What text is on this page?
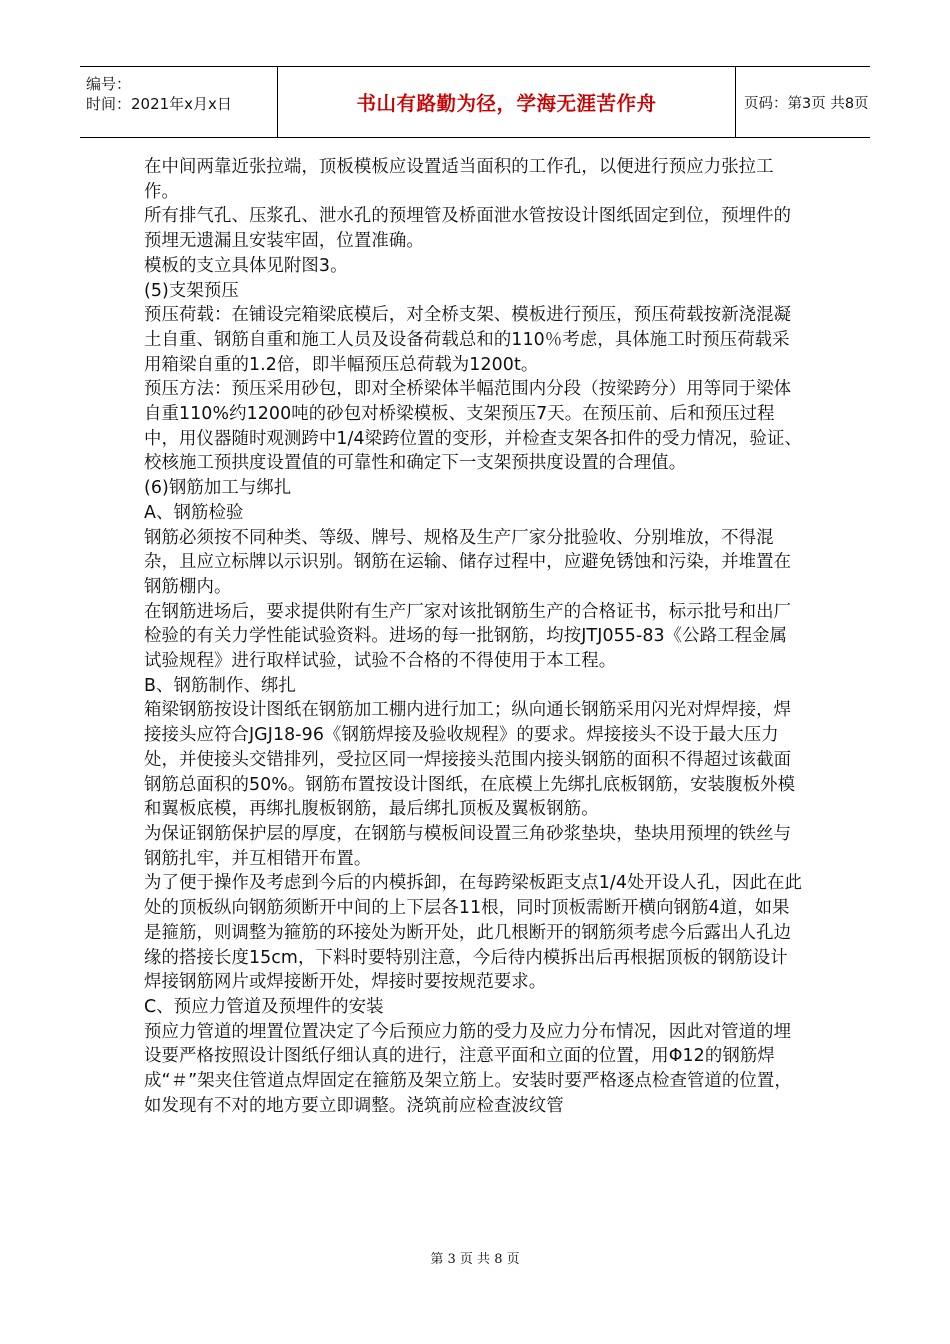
编号：
时间：2021年x月x日	书山有路勤为径，学海无涯苦作舟	页码：第3页 共8页

在中间两靠近张拉端，顶板模板应设置适当面积的工作孔，以便进行预应力张拉工作。

所有排气孔、压浆孔、泄水孔的预埋管及桥面泄水管按设计图纸固定到位，预埋件的预埋无遗漏且安装牢固，位置准确。

模板的支立具体见附图3。

(5)支架预压

预压荷载：在铺设完箱梁底模后，对全桥支架、模板进行预压，预压荷载按新浇混凝土自重、钢筋自重和施工人员及设备荷载总和的110％考虑，具体施工时预压荷载采用箱梁自重的1.2倍，即半幅预压总荷载为1200t。

预压方法：预压采用砂包，即对全桥梁体半幅范围内分段（按梁跨分）用等同于梁体自重110%约1200吨的砂包对桥梁模板、支架预压7天。在预压前、后和预压过程中，用仪器随时观测跨中1/4梁跨位置的变形，并检查支架各扣件的受力情况，验证、校核施工预拱度设置值的可靠性和确定下一支架预拱度设置的合理值。

(6)钢筋加工与绑扎

A、钢筋检验

钢筋必须按不同种类、等级、牌号、规格及生产厂家分批验收、分别堆放，不得混杂，且应立标牌以示识别。钢筋在运输、储存过程中，应避免锈蚀和污染，并堆置在钢筋棚内。

在钢筋进场后，要求提供附有生产厂家对该批钢筋生产的合格证书，标示批号和出厂检验的有关力学性能试验资料。进场的每一批钢筋，均按JTJ055-83《公路工程金属试验规程》进行取样试验，试验不合格的不得使用于本工程。

B、钢筋制作、绑扎

箱梁钢筋按设计图纸在钢筋加工棚内进行加工；纵向通长钢筋采用闪光对焊焊接，焊接接头应符合JGJ18-96《钢筋焊接及验收规程》的要求。焊接接头不设于最大压力处，并使接头交错排列，受拉区同一焊接接头范围内接头钢筋的面积不得超过该截面钢筋总面积的50%。钢筋布置按设计图纸，在底模上先绑扎底板钢筋，安装腹板外模和翼板底模，再绑扎腹板钢筋，最后绑扎顶板及翼板钢筋。

为保证钢筋保护层的厚度，在钢筋与模板间设置三角砂浆垫块，垫块用预埋的铁丝与钢筋扎牢，并互相错开布置。

为了便于操作及考虑到今后的内模拆卸，在每跨梁板距支点1/4处开设人孔，因此在此处的顶板纵向钢筋须断开中间的上下层各11根，同时顶板需断开横向钢筋4道，如果是箍筋，则调整为箍筋的环接处为断开处，此几根断开的钢筋须考虑今后露出人孔边缘的搭接长度15cm，下料时要特别注意，今后待内模拆出后再根据顶板的钢筋设计焊接钢筋网片或焊接断开处，焊接时要按规范要求。

C、预应力管道及预埋件的安装

预应力管道的埋置位置决定了今后预应力筋的受力及应力分布情况，因此对管道的埋设要严格按照设计图纸仔细认真的进行，注意平面和立面的位置，用Φ12的钢筋焊成“＃”架夹住管道点焊固定在箍筋及架立筋上。安装时要严格逐点检查管道的位置，如发现有不对的地方要立即调整。浇筑前应检查波纹管

第 3 页 共 8 页
